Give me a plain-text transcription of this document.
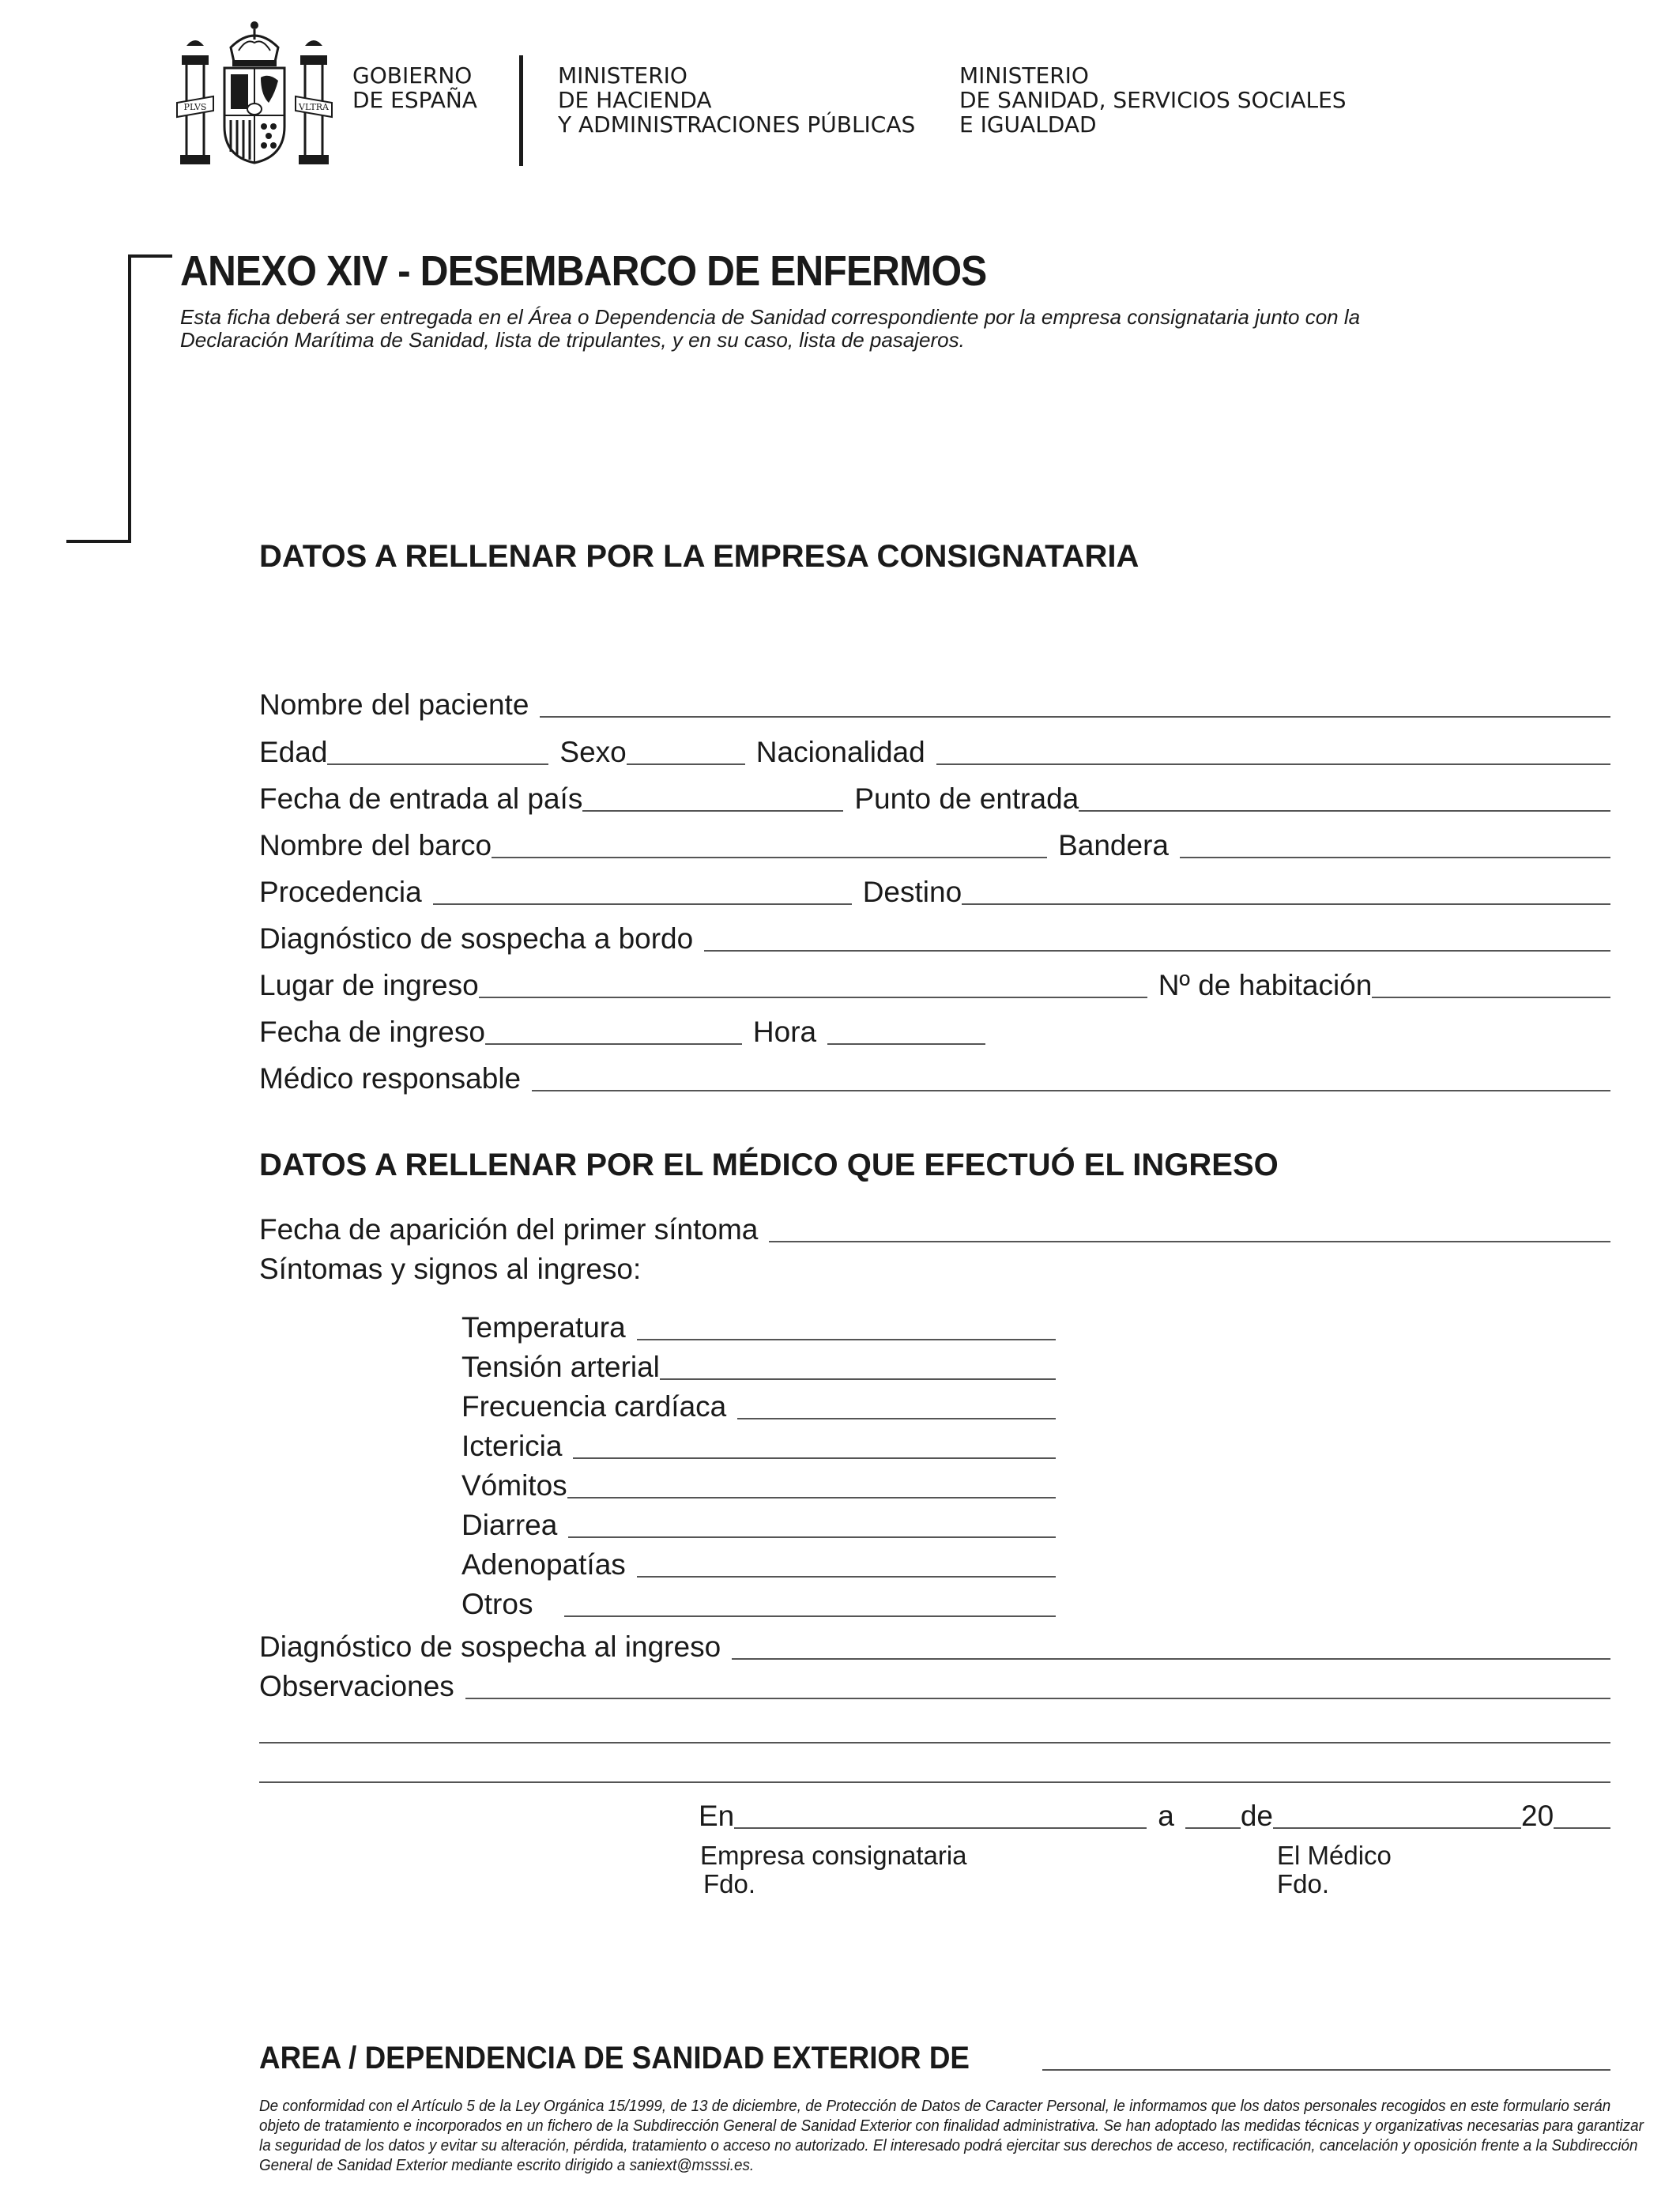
PLVS	VLTRA
GOBIERNO
DE ESPAÑA
MINISTERIO
DE HACIENDA
Y ADMINISTRACIONES PÚBLICAS
MINISTERIO
DE SANIDAD, SERVICIOS SOCIALES
E IGUALDAD
ANEXO XIV - DESEMBARCO DE ENFERMOS
Esta ficha deberá ser entregada en el Área o Dependencia de Sanidad correspondiente por la empresa consignataria junto con la
Declaración Marítima de Sanidad, lista de tripulantes, y en su caso, lista de pasajeros.
DATOS A RELLENAR POR LA EMPRESA CONSIGNATARIA
Nombre del paciente
Edad	Sexo	Nacionalidad
Fecha de entrada al país	Punto de entrada
Nombre del barco	Bandera
Procedencia	Destino
Diagnóstico de sospecha a bordo
Lugar de ingreso	Nº de habitación
Fecha de ingreso	Hora
Médico responsable
DATOS A RELLENAR POR EL MÉDICO QUE EFECTUÓ EL INGRESO
Fecha de aparición del primer síntoma
Síntomas y signos al ingreso:
Temperatura
Tensión arterial
Frecuencia cardíaca
Ictericia
Vómitos
Diarrea
Adenopatías
Otros
Diagnóstico de sospecha al ingreso
Observaciones
En	a de	20
Empresa consignataria
Fdo.
El Médico
Fdo.
AREA / DEPENDENCIA DE SANIDAD EXTERIOR DE
De conformidad con el Artículo 5 de la Ley Orgánica 15/1999, de 13 de diciembre, de Protección de Datos de Caracter Personal, le informamos que los datos personales recogidos en este formulario serán
objeto de tratamiento e incorporados en un fichero de la Subdirección General de Sanidad Exterior con finalidad administrativa. Se han adoptado las medidas técnicas y organizativas necesarias para garantizar
la seguridad de los datos y evitar su alteración, pérdida, tratamiento o acceso no autorizado. El interesado podrá ejercitar sus derechos de acceso, rectificación, cancelación y oposición frente a la Subdirección
General de Sanidad Exterior mediante escrito dirigido a saniext@msssi.es.
